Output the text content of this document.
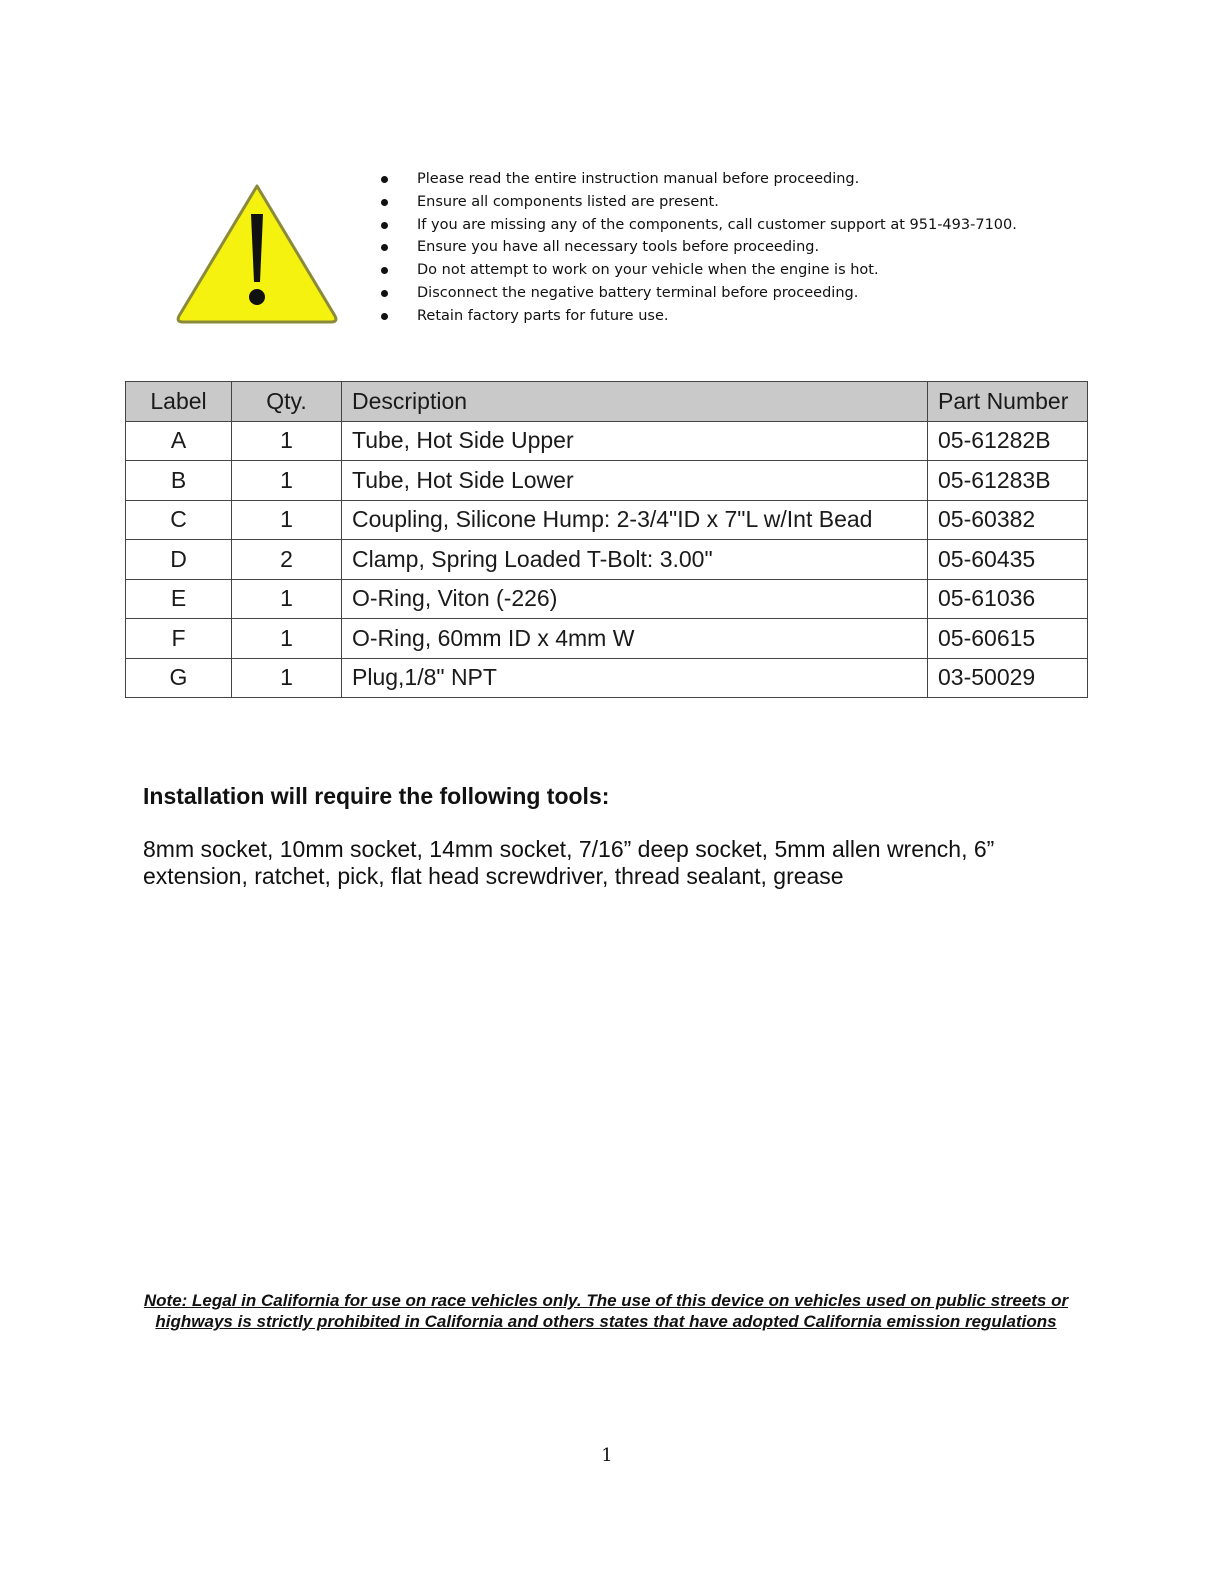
Please read the entire instruction manual before proceeding.
Ensure all components listed are present.
If you are missing any of the components, call customer support at 951-493-7100.
Ensure you have all necessary tools before proceeding.
Do not attempt to work on your vehicle when the engine is hot.
Disconnect the negative battery terminal before proceeding.
Retain factory parts for future use.
Label	Qty.	Description	Part Number
A	1	Tube, Hot Side Upper	05-61282B
B	1	Tube, Hot Side Lower	05-61283B
C	1	Coupling, Silicone Hump: 2-3/4"ID x 7"L w/Int Bead	05-60382
D	2	Clamp, Spring Loaded T-Bolt: 3.00"	05-60435
E	1	O-Ring, Viton (-226)	05-61036
F	1	O-Ring, 60mm ID x 4mm W	05-60615
G	1	Plug,1/8" NPT	03-50029
Installation will require the following tools:

8mm socket, 10mm socket, 14mm socket, 7/16” deep socket, 5mm allen wrench, 6” extension, ratchet, pick, flat head screwdriver, thread sealant, grease

Note: Legal in California for use on race vehicles only. The use of this device on vehicles used on public streets or highways is strictly prohibited in California and others states that have adopted California emission regulations

1
